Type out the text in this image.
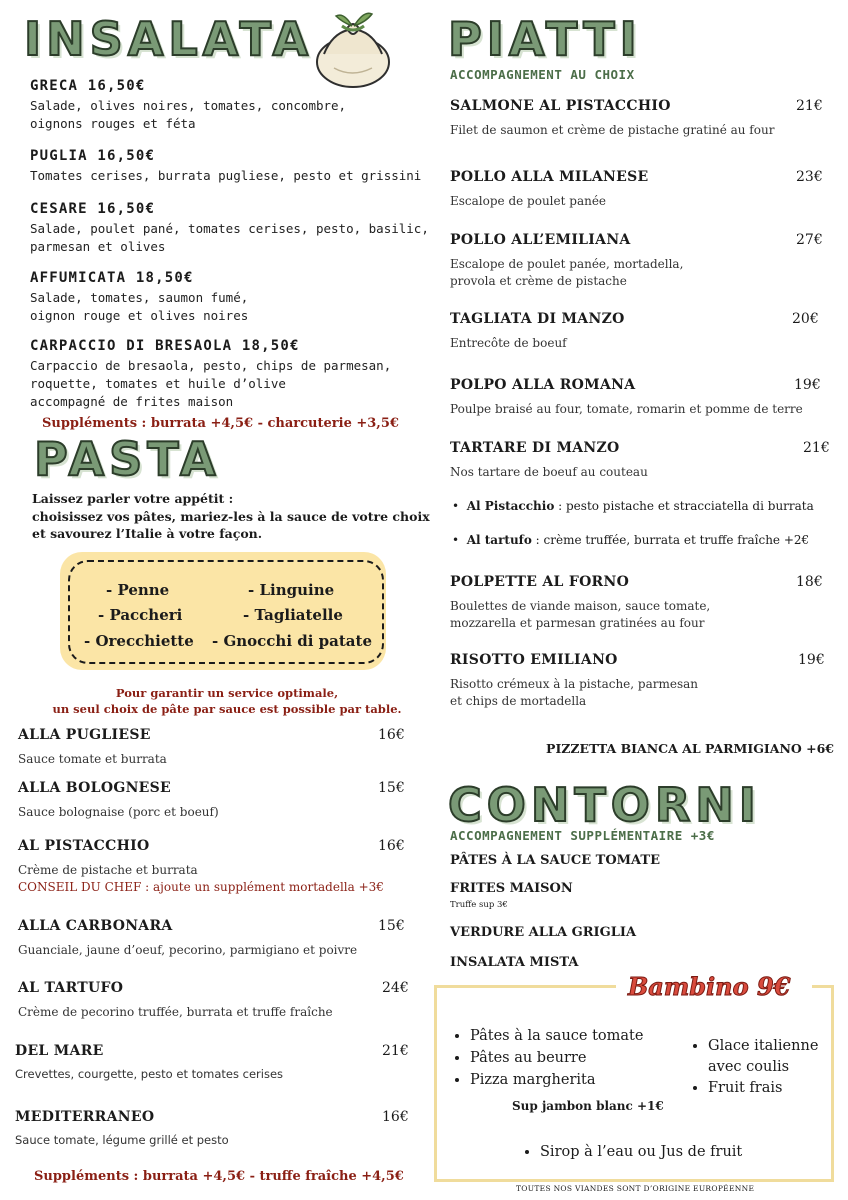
INSALATA
GRECA 16,50€
Salade, olives noires, tomates, concombre,
oignons rouges et féta
PUGLIA 16,50€
Tomates cerises, burrata pugliese, pesto et grissini
CESARE 16,50€
Salade, poulet pané, tomates cerises, pesto, basilic,
parmesan et olives
AFFUMICATA 18,50€
Salade, tomates, saumon fumé,
oignon rouge et olives noires
CARPACCIO DI BRESAOLA 18,50€
Carpaccio de bresaola, pesto, chips de parmesan,
roquette, tomates et huile d’olive
accompagné de frites maison
Suppléments : burrata +4,5€ - charcuterie +3,5€
PASTA
Laissez parler votre appétit :
choisissez vos pâtes, mariez-les à la sauce de votre choix
et savourez l’Italie à votre façon.
- Penne	- Linguine
- Paccheri	- Tagliatelle
- Orecchiette - Gnocchi di patate
Pour garantir un service optimale,
un seul choix de pâte par sauce est possible par table.
ALLA PUGLIESE	16€
Sauce tomate et burrata
ALLA BOLOGNESE	15€
Sauce bolognaise (porc et boeuf)
AL PISTACCHIO	16€
Crème de pistache et burrata
CONSEIL DU CHEF : ajoute un supplément mortadella +3€
ALLA CARBONARA	15€
Guanciale, jaune d’oeuf, pecorino, parmigiano et poivre
AL TARTUFO	24€
Crème de pecorino truffée, burrata et truffe fraîche
DEL MARE	21€
Crevettes, courgette, pesto et tomates cerises
MEDITERRANEO	16€
Sauce tomate, légume grillé et pesto
Suppléments : burrata +4,5€ - truffe fraîche +4,5€
PIATTI
ACCOMPAGNEMENT AU CHOIX
SALMONE AL PISTACCHIO	21€
Filet de saumon et crème de pistache gratiné au four
POLLO ALLA MILANESE	23€
Escalope de poulet panée
POLLO ALL’EMILIANA	27€
Escalope de poulet panée, mortadella,
provola et crème de pistache
TAGLIATA DI MANZO	20€
Entrecôte de boeuf
POLPO ALLA ROMANA	19€
Poulpe braisé au four, tomate, romarin et pomme de terre
TARTARE DI MANZO	21€
Nos tartare de boeuf au couteau
•  Al Pistacchio : pesto pistache et stracciatella di burrata
•  Al tartufo : crème truffée, burrata et truffe fraîche +2€
POLPETTE AL FORNO	18€
Boulettes de viande maison, sauce tomate,
mozzarella et parmesan gratinées au four
RISOTTO EMILIANO	19€
Risotto crémeux à la pistache, parmesan
et chips de mortadella
PIZZETTA BIANCA AL PARMIGIANO +6€
CONTORNI
ACCOMPAGNEMENT SUPPLÉMENTAIRE +3€
PÂTES À LA SAUCE TOMATE
FRITES MAISON
Truffe sup 3€
VERDURE ALLA GRIGLIA
INSALATA MISTA
Bambino 9€
• Pâtes à la sauce tomate
• Pâtes au beurre
• Pizza margherita
• Glace italienne
avec coulis
• Fruit frais
Sup jambon blanc +1€
• Sirop à l’eau ou Jus de fruit
TOUTES NOS VIANDES SONT D’ORIGINE EUROPÉENNE
